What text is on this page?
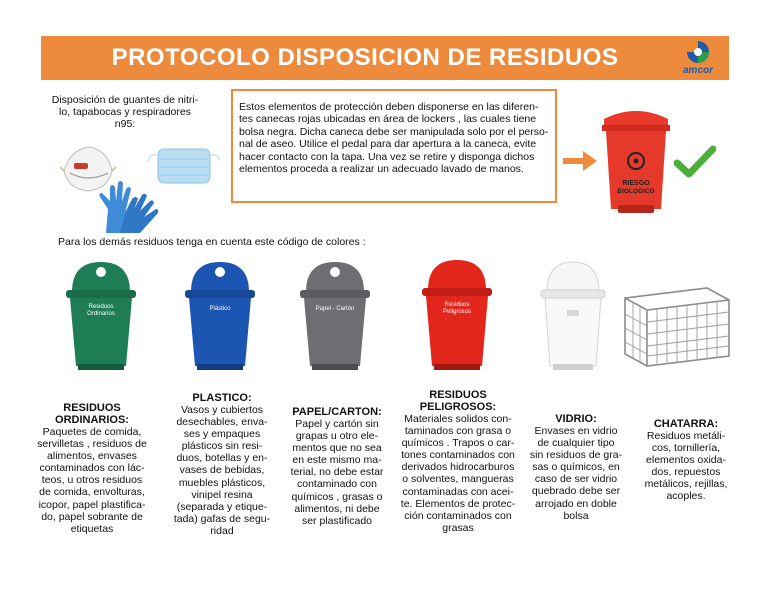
PROTOCOLO DISPOSICION DE RESIDUOS	amcor
Disposición de guantes de nitri-
lo, tapabocas y respiradores
n95:
Estos elementos de protección deben disponerse en las diferen-
tes canecas rojas ubicadas en área de lockers , las cuales tiene
bolsa negra. Dicha caneca debe ser manipulada solo por el perso-
nal de aseo. Utilice el pedal para dar apertura a la caneca, evite
hacer contacto con la tapa. Una vez se retire y disponga dichos
elementos proceda a realizar un adecuado lavado de manos.
RIESGO
BIOLOGICO
Para los demás residuos tenga en cuenta este código de colores :
Residuos
Ordinarios
Plástico	Papel - Cartón
Residuos
Peligrosos
RESIDUOS
ORDINARIOS:
Paquetes de comida,
servilletas , residuos de
alimentos, envases
contaminados con lác-
teos, u otros residuos
de comida, envolturas,
icopor, papel plastifica-
do, papel sobrante de
etiquetas
PLASTICO:
Vasos y cubiertos
desechables, enva-
ses y empaques
plásticos sin resi-
duos, botellas y en-
vases de bebidas,
muebles plásticos,
vinipel resina
(separada y etique-
tada) gafas de segu-
ridad
PAPEL/CARTON:
Papel y cartón sin
grapas u otro ele-
mentos que no sea
en este mismo ma-
terial, no debe estar
contaminado con
químicos , grasas o
alimentos, ni debe
ser plastificado
RESIDUOS
PELIGROSOS:
Materiales solidos con-
taminados con grasa o
químicos . Trapos o car-
tones contaminados con
derivados hidrocarburos
o solventes, mangueras
contaminadas con acei-
te. Elementos de protec-
ción contaminados con
grasas
VIDRIO:
Envases en vidrio
de cualquier tipo
sin residuos de gra-
sas o químicos, en
caso de ser vidrio
quebrado debe ser
arrojado en doble
bolsa
CHATARRA:
Residuos metáli-
cos, tornillería,
elementos oxida-
dos, repuestos
metálicos, rejillas,
acoples.
